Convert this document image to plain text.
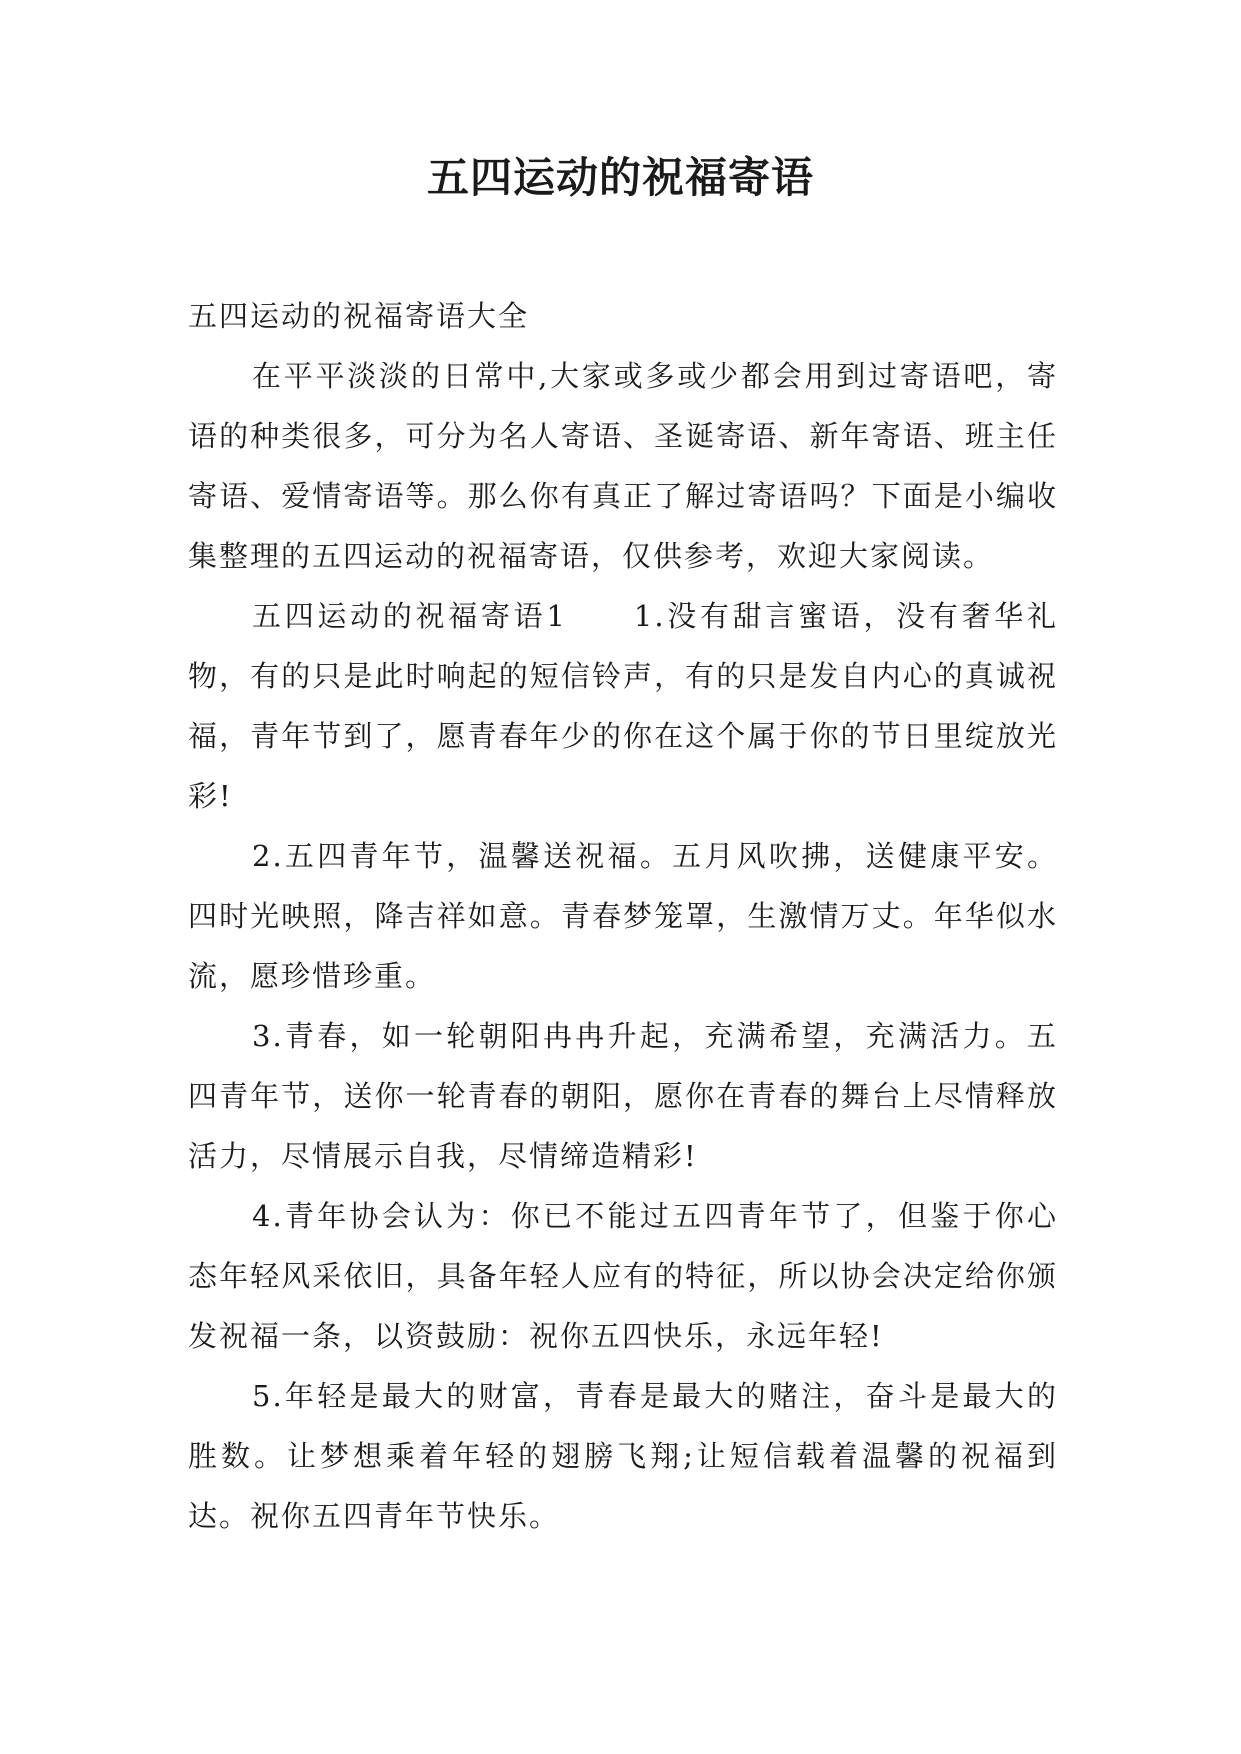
五四运动的祝福寄语

五四运动的祝福寄语大全

在平平淡淡的日常中,大家或多或少都会用到过寄语吧，寄语的种类很多，可分为名人寄语、圣诞寄语、新年寄语、班主任寄语、爱情寄语等。那么你有真正了解过寄语吗？下面是小编收集整理的五四运动的祝福寄语，仅供参考，欢迎大家阅读。

五四运动的祝福寄语1　　1.没有甜言蜜语，没有奢华礼物，有的只是此时响起的短信铃声，有的只是发自内心的真诚祝福，青年节到了，愿青春年少的你在这个属于你的节日里绽放光彩!

2.五四青年节，温馨送祝福。五月风吹拂，送健康平安。四时光映照，降吉祥如意。青春梦笼罩，生激情万丈。年华似水流，愿珍惜珍重。

3.青春，如一轮朝阳冉冉升起，充满希望，充满活力。五四青年节，送你一轮青春的朝阳，愿你在青春的舞台上尽情释放活力，尽情展示自我，尽情缔造精彩!

4.青年协会认为：你已不能过五四青年节了，但鉴于你心态年轻风采依旧，具备年轻人应有的特征，所以协会决定给你颁发祝福一条，以资鼓励：祝你五四快乐，永远年轻!

5.年轻是最大的财富，青春是最大的赌注，奋斗是最大的胜数。让梦想乘着年轻的翅膀飞翔;让短信载着温馨的祝福到达。祝你五四青年节快乐。
